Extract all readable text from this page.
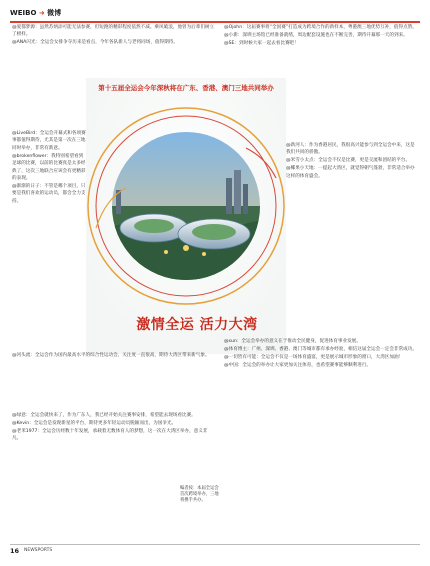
WEIBO ➜ 微博

@爱都梦源：虽然苏炳添可能无法参赛，但短跑的精彩程度依然不减。乘风破浪，他曾为后辈们树立了榜样。

@ANA闪光：全运会女排争夺历来是看点，今年各队新人与老将同场，值得期待。

@LiveBird：全运会开幕式和各项赛事都值得期待，尤其是第一次在三地同时举办，非常有新意。

@brokenflower：我特别希望看到足球的比赛，以前的比赛真是太多经典了，这次三地联合应该会有更精彩的表现。

@渐渐的日子：不管是哪个项目，只要是我们喜欢的运动员，都会全力支持。

第十五届全运会今年深秋将在广东、香港、澳门三地共同举办
激情全运 活力大湾

@河头流：全运会作为国内最高水平的综合性运动会，关注度一直很高，期待大湾区带来新气象。

@绿意：全运会就快来了，作为广东人，我已经开始关注赛事安排，希望能去现场看比赛。

@Kevin：全运会是发现新星的平台，期待更多年轻运动员脱颖而出，为国争光。

@老米1977：全运会历经数十年发展，承载着无数体育人的梦想，这一次在大湾区举办，意义非凡。

@Ojohn：这届赛事将“全国赛”打造成为跨境合作的新样本，粤港澳三地优势互补，值得点赞。

@小新：深圳主场馆已经准备就绪，周边配套设施也在不断完善，期待开幕那一天的到来。

@SE：到时候大家一起去看比赛吧！

@新河人：作为香港居民，我很高兴能参与到全运会中来，这是我们共同的骄傲。

@米雪小太点：全运会不仅是比赛，更是交流和团结的平台。

@椰果小天地：一提起大湾区，就觉得朝气蓬勃，非常适合举办这样的体育盛会。

@sun：全运会举办的意义在于推动全民健身，促进体育事业发展。

@体育博主：广州、深圳、香港、澳门等城市都有承办经验，相信这届全运会一定会非常成功。

@一切皆有可能：全运会不仅是一场体育盛宴，更是展示城市形象的窗口，大湾区加油！

@中国：全运会的举办让大家更加关注体育，也希望赛事能够顺利进行。

编者按：本届全运会首次跨境举办，三地将携手共办。
16 NEWSPORTS
